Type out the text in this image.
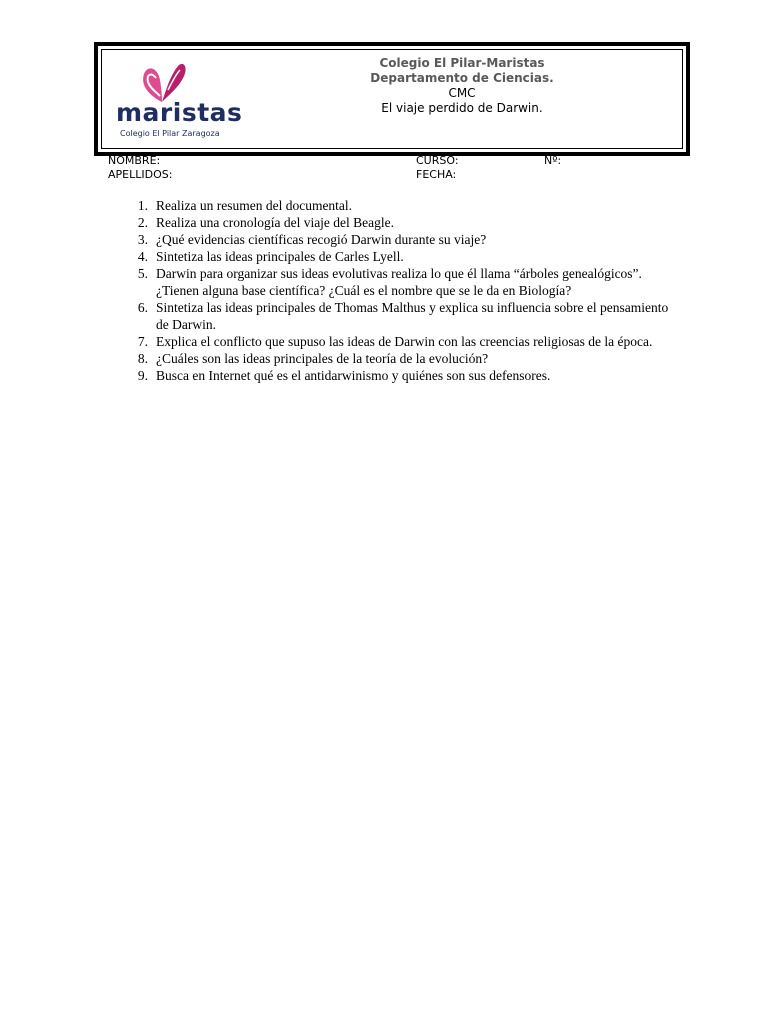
maristas
Colegio El Pilar Zaragoza
Colegio El Pilar-Maristas
Departamento de Ciencias.
CMC
El viaje perdido de Darwin.
NOMBRE:
APELLIDOS:
CURSO:
FECHA:
Nº:
1. Realiza un resumen del documental.
2. Realiza una cronología del viaje del Beagle.
3. ¿Qué evidencias científicas recogió Darwin durante su viaje?
4. Sintetiza las ideas principales de Carles Lyell.
5. Darwin para organizar sus ideas evolutivas realiza lo que él llama “árboles genealógicos”. ¿Tienen alguna base científica? ¿Cuál es el nombre que se le da en Biología?
6. Sintetiza las ideas principales de Thomas Malthus y explica su influencia sobre el pensamiento de Darwin.
7. Explica el conflicto que supuso las ideas de Darwin con las creencias religiosas de la época.
8. ¿Cuáles son las ideas principales de la teoría de la evolución?
9. Busca en Internet qué es el antidarwinismo y quiénes son sus defensores.
